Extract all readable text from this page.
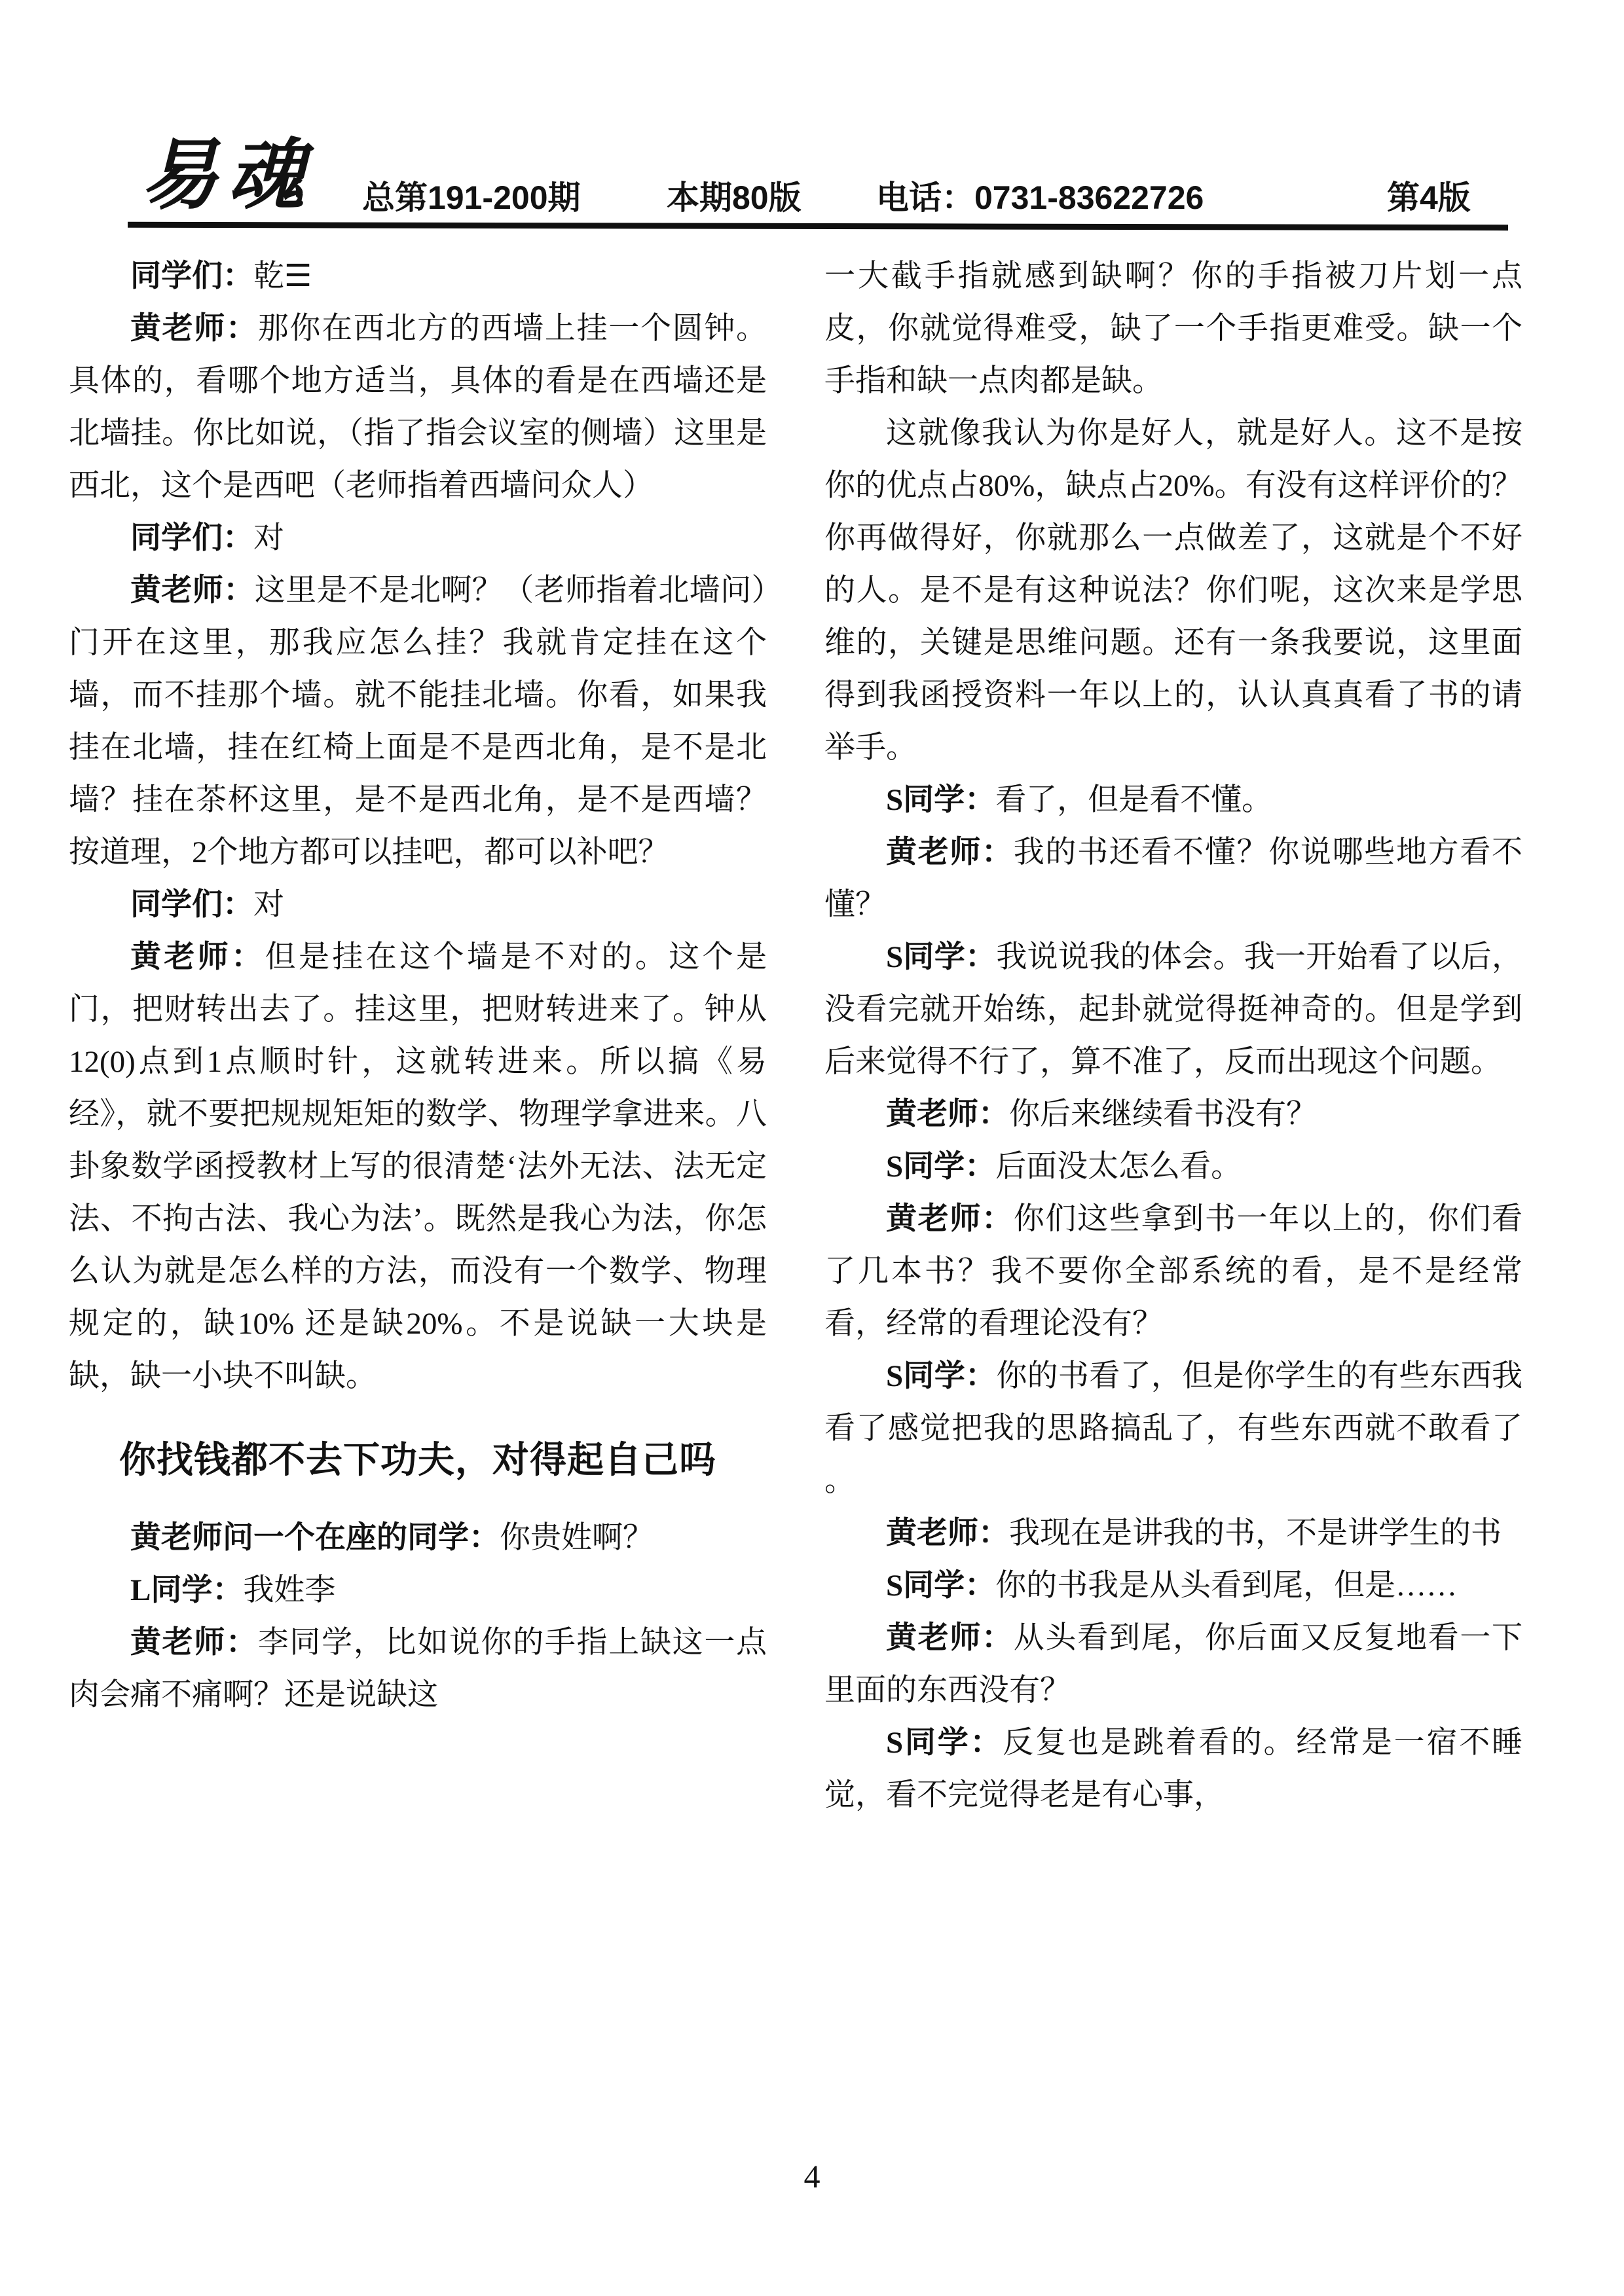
易魂 总第191-200期	本期80版 电话：0731-83622726	第4版

同学们：乾☰

黄老师：那你在西北方的西墙上挂一个圆钟。具体的，看哪个地方适当，具体的看是在西墙还是北墙挂。你比如说，（指了指会议室的侧墙）这里是西北，这个是西吧（老师指着西墙问众人）

同学们：对

黄老师：这里是不是北啊？（老师指着北墙问）门开在这里，那我应怎么挂？我就肯定挂在这个墙，而不挂那个墙。就不能挂北墙。你看，如果我挂在北墙，挂在红椅上面是不是西北角，是不是北墙？挂在茶杯这里，是不是西北角，是不是西墙？按道理，2个地方都可以挂吧，都可以补吧？

同学们：对

黄老师：但是挂在这个墙是不对的。这个是门，把财转出去了。挂这里，把财转进来了。钟从12(0)点到1点顺时针，这就转进来。所以搞《易经》，就不要把规规矩矩的数学、物理学拿进来。八卦象数学函授教材上写的很清楚‘法外无法、法无定法、不拘古法、我心为法’。既然是我心为法，你怎么认为就是怎么样的方法，而没有一个数学、物理规定的，缺10% 还是缺20%。不是说缺一大块是缺，缺一小块不叫缺。

你找钱都不去下功夫，对得起自己吗

黄老师问一个在座的同学：你贵姓啊？

L同学：我姓李

黄老师：李同学，比如说你的手指上缺这一点肉会痛不痛啊？还是说缺这

一大截手指就感到缺啊？你的手指被刀片划一点皮，你就觉得难受，缺了一个手指更难受。缺一个手指和缺一点肉都是缺。

这就像我认为你是好人，就是好人。这不是按你的优点占80%，缺点占20%。有没有这样评价的？你再做得好，你就那么一点做差了，这就是个不好的人。是不是有这种说法？你们呢，这次来是学思维的，关键是思维问题。还有一条我要说，这里面得到我函授资料一年以上的，认认真真看了书的请举手。

S同学：看了，但是看不懂。

黄老师：我的书还看不懂？你说哪些地方看不懂？

S同学：我说说我的体会。我一开始看了以后，没看完就开始练，起卦就觉得挺神奇的。但是学到后来觉得不行了，算不准了，反而出现这个问题。

黄老师：你后来继续看书没有？

S同学：后面没太怎么看。

黄老师：你们这些拿到书一年以上的，你们看了几本书？我不要你全部系统的看，是不是经常看，经常的看理论没有？

S同学：你的书看了，但是你学生的有些东西我看了感觉把我的思路搞乱了，有些东西就不敢看了 。

黄老师：我现在是讲我的书，不是讲学生的书

S同学：你的书我是从头看到尾，但是……

黄老师：从头看到尾，你后面又反复地看一下里面的东西没有？

S同学：反复也是跳着看的。经常是一宿不睡觉，看不完觉得老是有心事，

4
